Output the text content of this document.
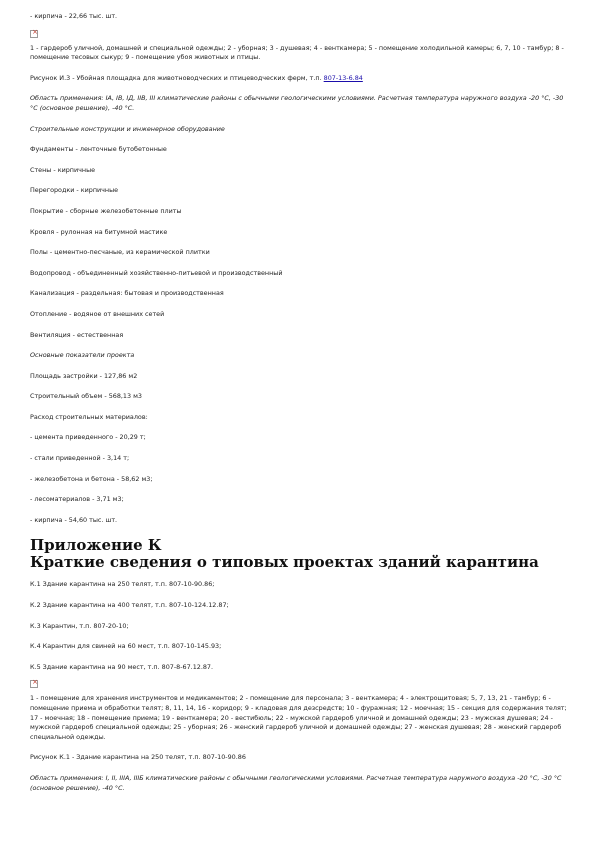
- кирпича - 22,66 тыс. шт.

×

1 - гардероб уличной, домашней и специальной одежды; 2 - уборная; 3 - душевая; 4 - венткамера; 5 - помещение холодильной камеры; 6, 7, 10 - тамбур; 8 - помещение тесовых сыкур; 9 - помещение убоя животных и птицы.

Рисунок И.3 - Убойная площадка для животноводческих и птицеводческих ферм, т.п. 807-13-6.84

Область применения: IA, IB, IД, IIB, III климатические районы с обычными геологическими условиями. Расчетная температура наружного воздуха -20 °С, -30 °С (основное решение), -40 °С.

Строительные конструкции и инженерное оборудование

Фундаменты - ленточные бутобетонные

Стены - кирпичные

Перегородки - кирпичные

Покрытие - сборные железобетонные плиты

Кровля - рулонная на битумной мастике

Полы - цементно-песчаные, из керамической плитки

Водопровод - объединенный хозяйственно-питьевой и производственный

Канализация - раздельная: бытовая и производственная

Отопление - водяное от внешних сетей

Вентиляция - естественная

Основные показатели проекта

Площадь застройки - 127,86 м2

Строительный объем - 568,13 м3

Расход строительных материалов:

- цемента приведенного - 20,29 т;

- стали приведенной - 3,14 т;

- железобетона и бетона - 58,62 м3;

- лесоматериалов - 3,71 м3;

- кирпича - 54,60 тыс. шт.

Приложение К
Краткие сведения о типовых проектах зданий карантина

К.1 Здание карантина на 250 телят, т.п. 807-10-90.86;

К.2 Здание карантина на 400 телят, т.п. 807-10-124.12.87;

К.3 Карантин, т.п. 807-20-10;

К.4 Карантин для свиней на 60 мест, т.п. 807-10-145.93;

К.5 Здание карантина на 90 мест, т.п. 807-8-67.12.87.

×

1 - помещение для хранения инструментов и медикаментов; 2 - помещение для персонала; 3 - венткамера; 4 - электрощитовая; 5, 7, 13, 21 - тамбур; 6 - помещение приема и обработки телят; 8, 11, 14, 16 - коридор; 9 - кладовая для дезсредств; 10 - фуражная; 12 - моечная; 15 - секция для содержания телят; 17 - моечная; 18 - помещение приема; 19 - венткамера; 20 - вестибюль; 22 - мужской гардероб уличной и домашней одежды; 23 - мужская душевая; 24 - мужской гардероб специальной одежды; 25 - уборная; 26 - женский гардероб уличной и домашней одежды; 27 - женская душевая; 28 - женский гардероб специальной одежды.

Рисунок К.1 - Здание карантина на 250 телят, т.п. 807-10-90.86

Область применения: I, II, IIIA, IIIБ климатические районы с обычными геологическими условиями. Расчетная температура наружного воздуха -20 °С, -30 °С (основное решение), -40 °С.
